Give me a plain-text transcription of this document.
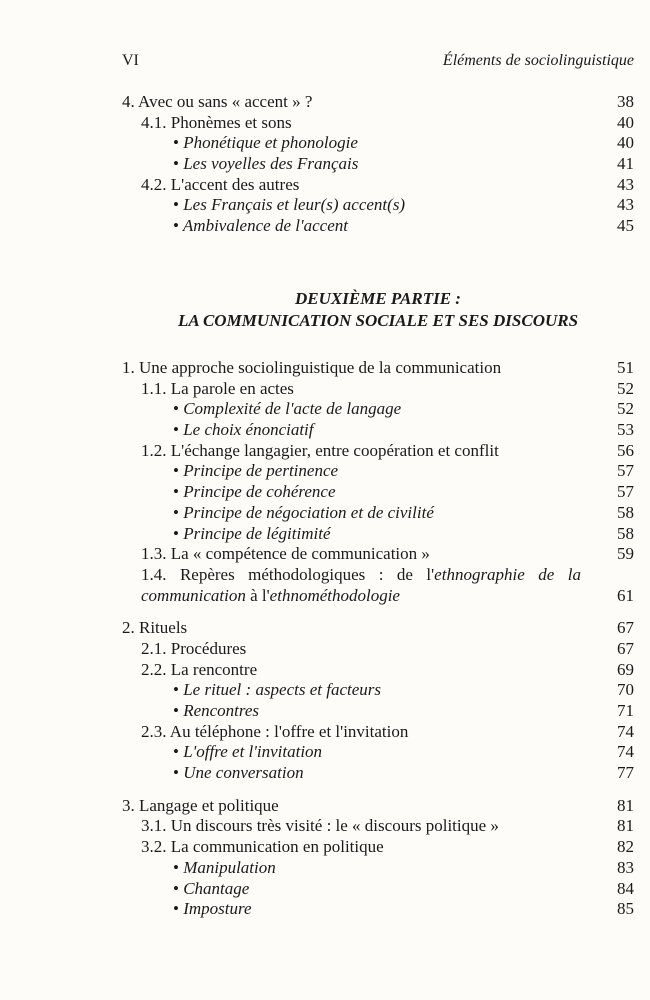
VI	Éléments de sociolinguistique
4. Avec ou sans « accent » ?	38
4.1. Phonèmes et sons	40
• Phonétique et phonologie	40
• Les voyelles des Français	41
4.2. L'accent des autres	43
• Les Français et leur(s) accent(s)	43
• Ambivalence de l'accent	45
DEUXIÈME PARTIE :
LA COMMUNICATION SOCIALE ET SES DISCOURS
1. Une approche sociolinguistique de la communication	51
1.1. La parole en actes	52
• Complexité de l'acte de langage	52
• Le choix énonciatif	53
1.2. L'échange langagier, entre coopération et conflit	56
• Principe de pertinence	57
• Principe de cohérence	57
• Principe de négociation et de civilité	58
• Principe de légitimité	58
1.3. La « compétence de communication »	59
1.4. Repères méthodologiques : de l'ethnographie de la communication à l'ethnométhodologie	61
2. Rituels	67
2.1. Procédures	67
2.2. La rencontre	69
• Le rituel : aspects et facteurs	70
• Rencontres	71
2.3. Au téléphone : l'offre et l'invitation	74
• L'offre et l'invitation	74
• Une conversation	77
3. Langage et politique	81
3.1. Un discours très visité : le « discours politique »	81
3.2. La communication en politique	82
• Manipulation	83
• Chantage	84
• Imposture	85
